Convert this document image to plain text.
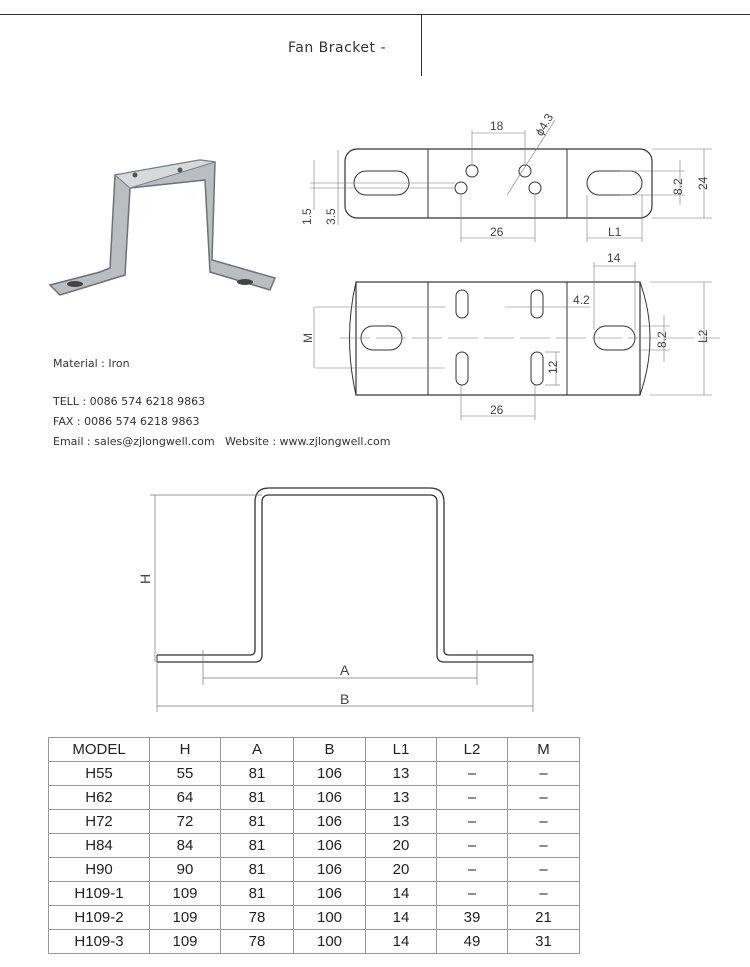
Fan Bracket -
18 ϕ4.3
1.5 3.5
26	L1
8.2 24
14
4.2
M	8.2 L2
12
26
Material : Iron
TELL : 0086 574 6218 9863
FAX : 0086 574 6218 9863
Email : sales@zjlongwell.com Website : www.zjlongwell.com
H
A
B
MODEL	H	A	B	L1	L2	M
H55	55	81	106	13	–	–
H62	64	81	106	13	–	–
H72	72	81	106	13	–	–
H84	84	81	106	20	–	–
H90	90	81	106	20	–	–
H109-1	109	81	106	14	–	–
H109-2	109	78	100	14	39	21
H109-3	109	78	100	14	49	31
